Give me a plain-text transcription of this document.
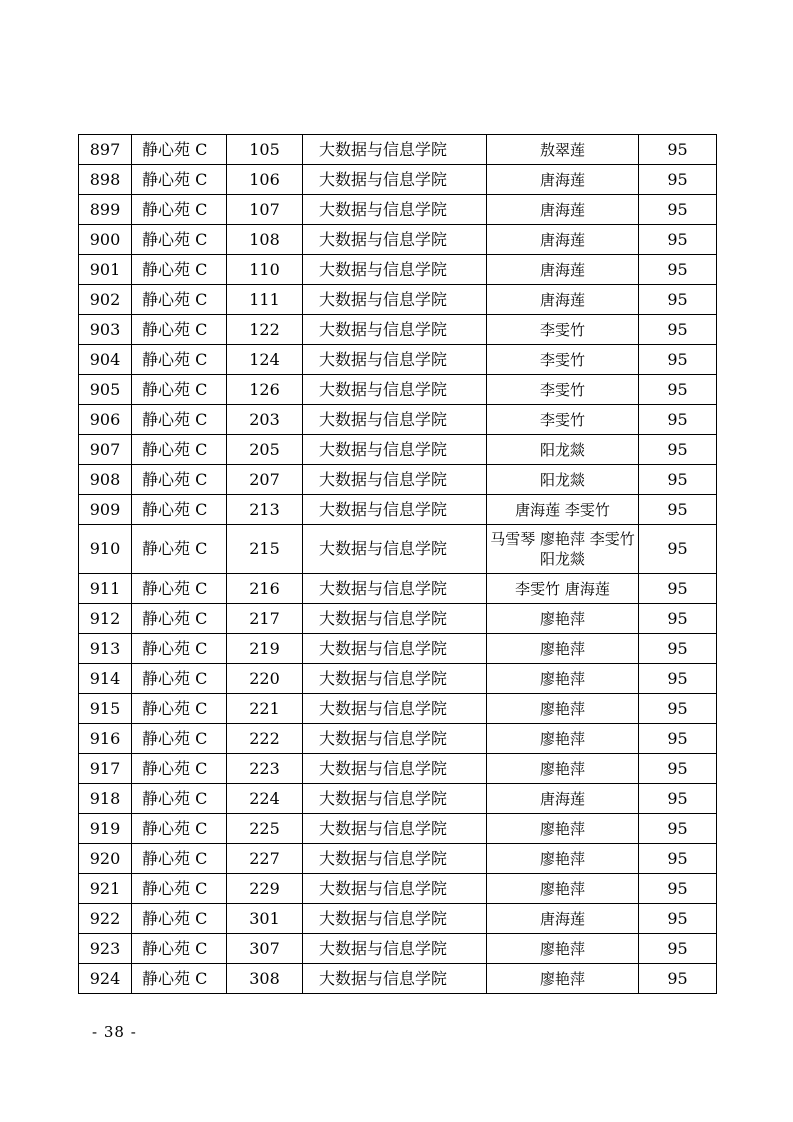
897	静心苑 C	105	大数据与信息学院	敖翠莲	95
898	静心苑 C	106	大数据与信息学院	唐海莲	95
899	静心苑 C	107	大数据与信息学院	唐海莲	95
900	静心苑 C	108	大数据与信息学院	唐海莲	95
901	静心苑 C	110	大数据与信息学院	唐海莲	95
902	静心苑 C	111	大数据与信息学院	唐海莲	95
903	静心苑 C	122	大数据与信息学院	李雯竹	95
904	静心苑 C	124	大数据与信息学院	李雯竹	95
905	静心苑 C	126	大数据与信息学院	李雯竹	95
906	静心苑 C	203	大数据与信息学院	李雯竹	95
907	静心苑 C	205	大数据与信息学院	阳龙燚	95
908	静心苑 C	207	大数据与信息学院	阳龙燚	95
909	静心苑 C	213	大数据与信息学院	唐海莲 李雯竹	95
910	静心苑 C	215	大数据与信息学院	马雪琴 廖艳萍 李雯竹 阳龙燚	95
911	静心苑 C	216	大数据与信息学院	李雯竹 唐海莲	95
912	静心苑 C	217	大数据与信息学院	廖艳萍	95
913	静心苑 C	219	大数据与信息学院	廖艳萍	95
914	静心苑 C	220	大数据与信息学院	廖艳萍	95
915	静心苑 C	221	大数据与信息学院	廖艳萍	95
916	静心苑 C	222	大数据与信息学院	廖艳萍	95
917	静心苑 C	223	大数据与信息学院	廖艳萍	95
918	静心苑 C	224	大数据与信息学院	唐海莲	95
919	静心苑 C	225	大数据与信息学院	廖艳萍	95
920	静心苑 C	227	大数据与信息学院	廖艳萍	95
921	静心苑 C	229	大数据与信息学院	廖艳萍	95
922	静心苑 C	301	大数据与信息学院	唐海莲	95
923	静心苑 C	307	大数据与信息学院	廖艳萍	95
924	静心苑 C	308	大数据与信息学院	廖艳萍	95
- 38 -
